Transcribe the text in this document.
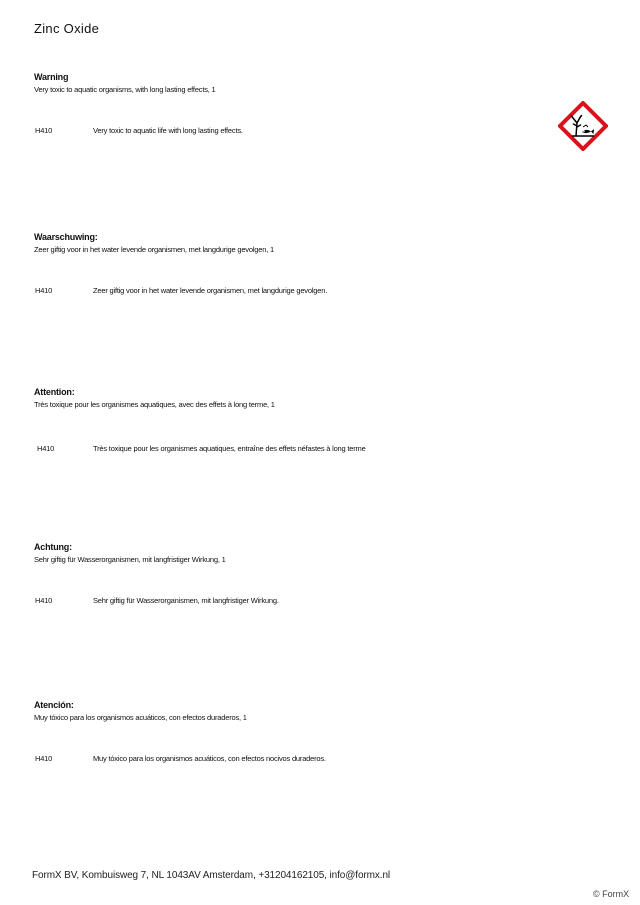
Zinc Oxide
Warning
Very toxic to aquatic organisms, with long lasting effects, 1
H410	Very toxic to aquatic life with long lasting effects.
Waarschuwing:
Zeer giftig voor in het water levende organismen, met langdurige gevolgen, 1
H410	Zeer giftig voor in het water levende organismen, met langdurige gevolgen.
Attention:
Très toxique pour les organismes aquatiques, avec des effets à long terme, 1
H410	Très toxique pour les organismes aquatiques, entraîne des effets néfastes à long terme
Achtung:
Sehr giftig für Wasserorganismen, mit langfristiger Wirkung, 1
H410	Sehr giftig für Wasserorganismen, mit langfristiger Wirkung.
Atención:
Muy tóxico para los organismos acuáticos, con efectos duraderos, 1
H410	Muy tóxico para los organismos acuáticos, con efectos nocivos duraderos.
FormX BV, Kombuisweg 7, NL 1043AV Amsterdam, +31204162105, info@formx.nl
© FormX
